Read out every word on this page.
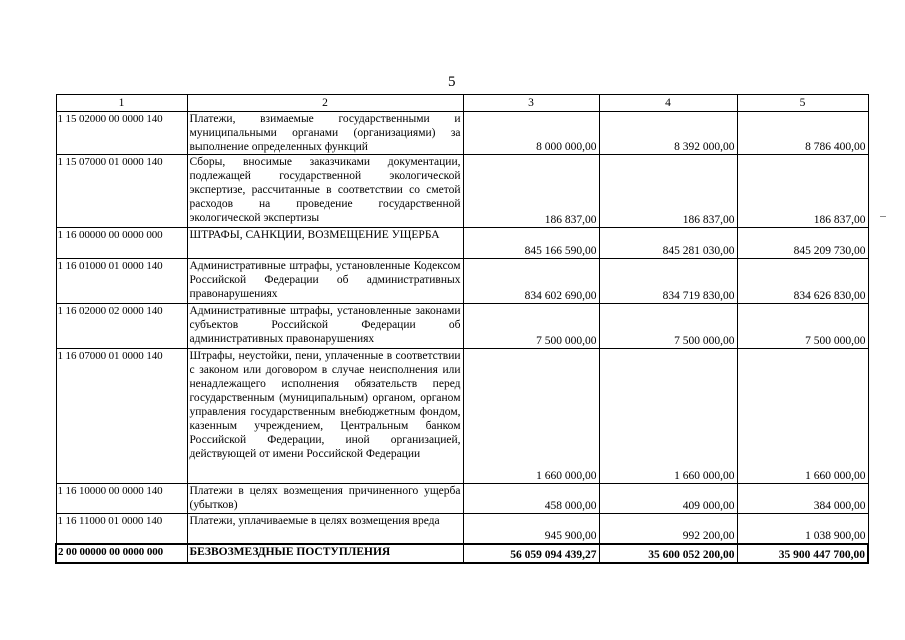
5
1	2	3	4	5
1 15 02000 00 0000 140	Платежи, взимаемые государственными и муниципальными органами (организациями) за выполнение определенных функций	8 000 000,00	8 392 000,00	8 786 400,00
1 15 07000 01 0000 140	Сборы, вносимые заказчиками документации, подлежащей государственной экологической экспертизе, рассчитанные в соответствии со сметой расходов на проведение государственной экологической экспертизы	186 837,00	186 837,00	186 837,00
1 16 00000 00 0000 000	ШТРАФЫ, САНКЦИИ, ВОЗМЕЩЕНИЕ УЩЕРБА	845 166 590,00	845 281 030,00	845 209 730,00
1 16 01000 01 0000 140	Административные штрафы, установленные Кодексом Российской Федерации об административных правонарушениях	834 602 690,00	834 719 830,00	834 626 830,00
1 16 02000 02 0000 140	Административные штрафы, установленные законами субъектов Российской Федерации об административных правонарушениях	7 500 000,00	7 500 000,00	7 500 000,00
1 16 07000 01 0000 140	Штрафы, неустойки, пени, уплаченные в соответствии с законом или договором в случае неисполнения или ненадлежащего исполнения обязательств перед государственным (муниципальным) органом, органом управления государственным внебюджетным фондом, казенным учреждением, Центральным банком Российской Федерации, иной организацией, действующей от имени Российской Федерации	1 660 000,00	1 660 000,00	1 660 000,00
1 16 10000 00 0000 140	Платежи в целях возмещения причиненного ущерба (убытков)	458 000,00	409 000,00	384 000,00
1 16 11000 01 0000 140	Платежи, уплачиваемые в целях возмещения вреда	945 900,00	992 200,00	1 038 900,00
2 00 00000 00 0000 000	БЕЗВОЗМЕЗДНЫЕ ПОСТУПЛЕНИЯ	56 059 094 439,27	35 600 052 200,00	35 900 447 700,00
